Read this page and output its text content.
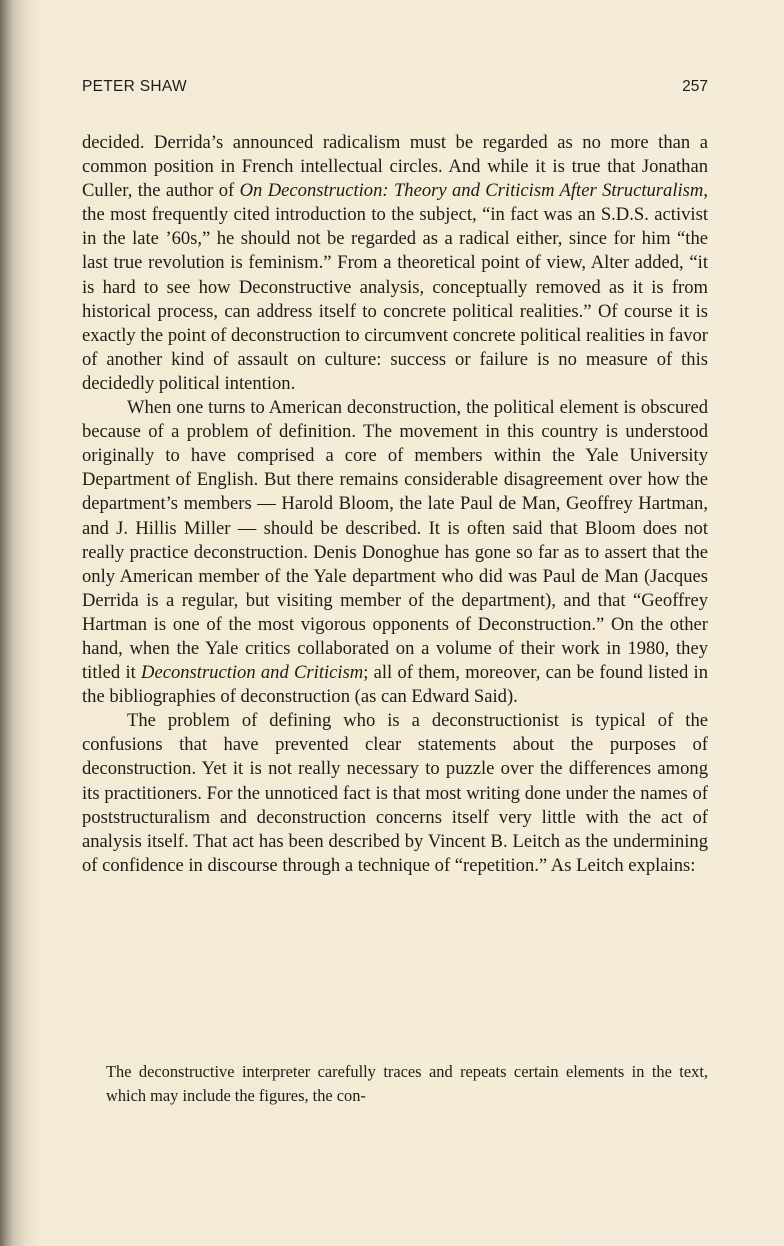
PETER SHAW	257

decided. Derrida’s announced radicalism must be regarded as no more than a common position in French intellectual circles. And while it is true that Jonathan Culler, the author of On Deconstruction: Theory and Criticism After Structuralism, the most frequently cited introduction to the subject, “in fact was an S.D.S. activist in the late ’60s,” he should not be regarded as a radical either, since for him “the last true revolution is feminism.” From a theoretical point of view, Alter added, “it is hard to see how Deconstructive analysis, conceptually removed as it is from historical process, can address itself to concrete political realities.” Of course it is exactly the point of deconstruction to circumvent concrete political realities in favor of another kind of assault on culture: success or failure is no measure of this decidedly political intention.

When one turns to American deconstruction, the political element is obscured because of a problem of definition. The movement in this country is understood originally to have comprised a core of members within the Yale University Department of English. But there remains considerable disagreement over how the department’s members — Harold Bloom, the late Paul de Man, Geoffrey Hartman, and J. Hillis Miller — should be described. It is often said that Bloom does not really practice deconstruction. Denis Donoghue has gone so far as to assert that the only American member of the Yale department who did was Paul de Man (Jacques Derrida is a regular, but visiting member of the department), and that “Geoffrey Hartman is one of the most vigorous opponents of Deconstruction.” On the other hand, when the Yale critics collaborated on a volume of their work in 1980, they titled it Deconstruction and Criticism; all of them, moreover, can be found listed in the bibliographies of deconstruction (as can Edward Said).

The problem of defining who is a deconstructionist is typical of the confusions that have prevented clear statements about the purposes of deconstruction. Yet it is not really necessary to puzzle over the differences among its practitioners. For the unnoticed fact is that most writing done under the names of poststructuralism and deconstruction concerns itself very little with the act of analysis itself. That act has been described by Vincent B. Leitch as the undermining of confidence in discourse through a technique of “repetition.” As Leitch explains:

The deconstructive interpreter carefully traces and repeats certain elements in the text, which may include the figures, the con-
